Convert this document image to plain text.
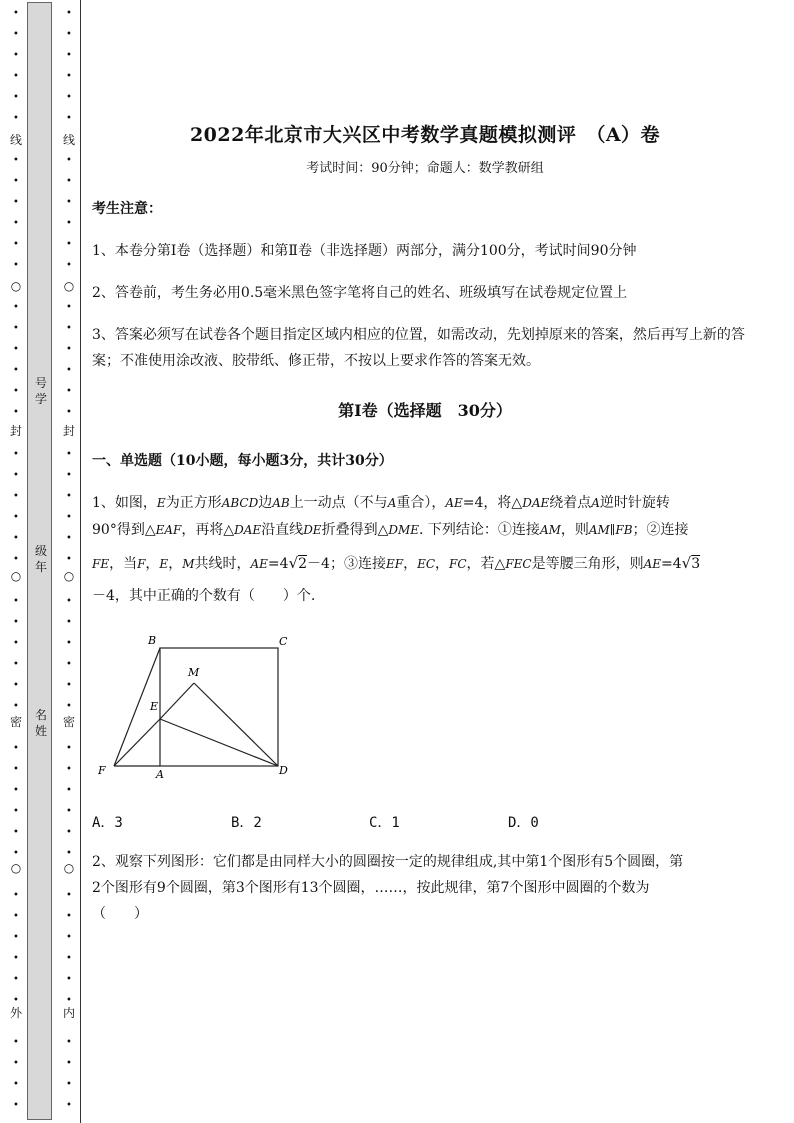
•
•
•
•
•
•
•
•
•
•
•
•
•
•
•
•
•
•
•
•
•
•
•
•
•
•
•
•
•
•
•
•
•
•
•
•
•
•
•
•
•
•
•
•
•
•
线
○
封
○
密
○
外
•
•
•
•
•
•
•
•
•
•
•
•
•
•
•
•
•
•
•
•
•
•
•
•
•
•
•
•
•
•
•
•
•
•
•
•
•
•
•
•
•
•
•
•
•
•
线
○
封
○
密
○
内
号学
级年
名姓
2022年北京市大兴区中考数学真题模拟测评　（A）卷
考试时间：90分钟；命题人：数学教研组
考生注意：
1、本卷分第Ⅰ卷（选择题）和第Ⅱ卷（非选择题）两部分，满分100分，考试时间90分钟
2、答卷前，考生务必用0.5毫米黑色签字笔将自己的姓名、班级填写在试卷规定位置上
3、答案必须写在试卷各个题目指定区域内相应的位置，如需改动，先划掉原来的答案，然后再写上新的答案；不准使用涂改液、胶带纸、修正带，不按以上要求作答的答案无效。
第Ⅰ卷（选择题　30分）
一、单选题（10小题，每小题3分，共计30分）
1、如图，E为正方形ABCD边AB上一动点（不与A重合），AE=4，将△DAE绕着点A逆时针旋转
90°得到△EAF，再将△DAE沿直线DE折叠得到△DME. 下列结论：①连接AM，则AM∥FB；②连接
FE，当F，E，M共线时，AE=4√2－4；③连接EF，EC，FC，若△FEC是等腰三角形，则AE=4√3
－4，其中正确的个数有（　　）个.
B	C
M
E
F	A	D
A．3	B．2	C．1	D．0
2、观察下列图形：它们都是由同样大小的圆圈按一定的规律组成,其中第1个图形有5个圆圈，第
2个图形有9个圆圈，第3个图形有13个圆圈，……，按此规律，第7个图形中圆圈的个数为
（　　）
